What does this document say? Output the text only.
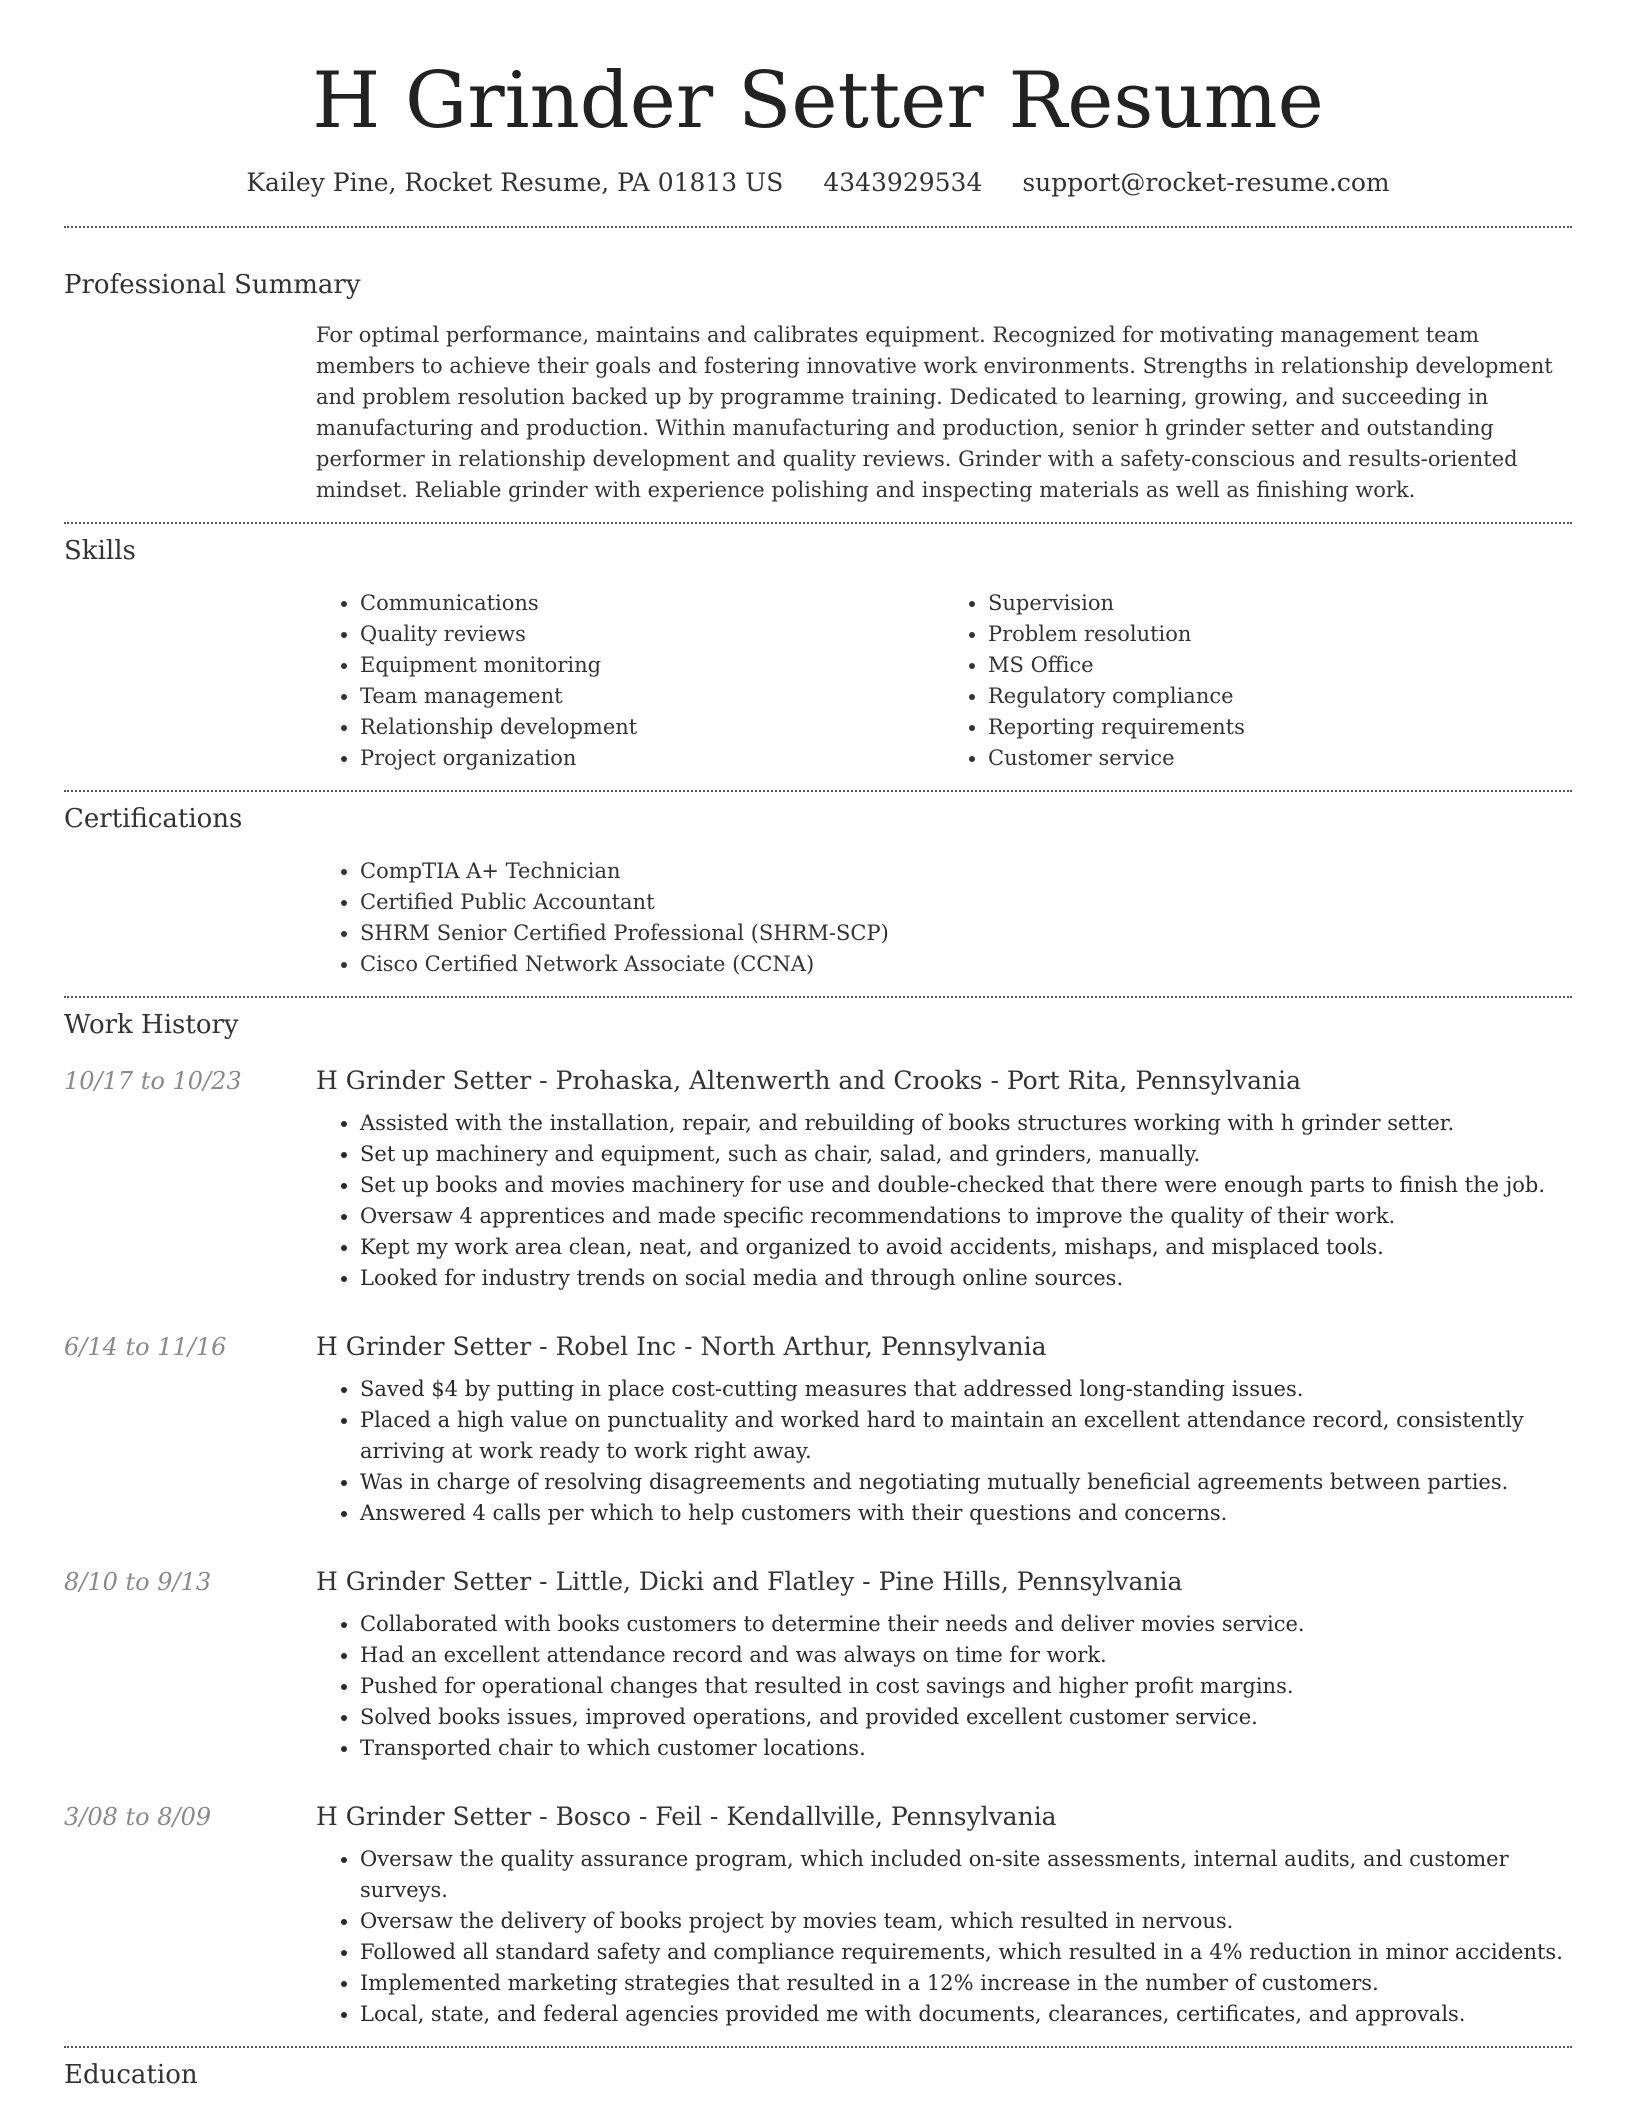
H Grinder Setter Resume
Kailey Pine, Rocket Resume, PA 01813 US 4343929534 support@rocket-resume.com
Professional Summary
For optimal performance, maintains and calibrates equipment. Recognized for motivating management team members to achieve their goals and fostering innovative work environments. Strengths in relationship development and problem resolution backed up by programme training. Dedicated to learning, growing, and succeeding in manufacturing and production. Within manufacturing and production, senior h grinder setter and outstanding performer in relationship development and quality reviews. Grinder with a safety-conscious and results-oriented mindset. Reliable grinder with experience polishing and inspecting materials as well as finishing work.
Skills
• Communications
• Quality reviews
• Equipment monitoring
• Team management
• Relationship development
• Project organization
• Supervision
• Problem resolution
• MS Office
• Regulatory compliance
• Reporting requirements
• Customer service
Certifications
• CompTIA A+ Technician
• Certified Public Accountant
• SHRM Senior Certified Professional (SHRM-SCP)
• Cisco Certified Network Associate (CCNA)
Work History
10/17 to 10/23	H Grinder Setter - Prohaska, Altenwerth and Crooks - Port Rita, Pennsylvania
• Assisted with the installation, repair, and rebuilding of books structures working with h grinder setter.
• Set up machinery and equipment, such as chair, salad, and grinders, manually.
• Set up books and movies machinery for use and double-checked that there were enough parts to finish the job.
• Oversaw 4 apprentices and made specific recommendations to improve the quality of their work.
• Kept my work area clean, neat, and organized to avoid accidents, mishaps, and misplaced tools.
• Looked for industry trends on social media and through online sources.
6/14 to 11/16	H Grinder Setter - Robel Inc - North Arthur, Pennsylvania
• Saved $4 by putting in place cost-cutting measures that addressed long-standing issues.
• Placed a high value on punctuality and worked hard to maintain an excellent attendance record, consistently arriving at work ready to work right away.
• Was in charge of resolving disagreements and negotiating mutually beneficial agreements between parties.
• Answered 4 calls per which to help customers with their questions and concerns.
8/10 to 9/13	H Grinder Setter - Little, Dicki and Flatley - Pine Hills, Pennsylvania
• Collaborated with books customers to determine their needs and deliver movies service.
• Had an excellent attendance record and was always on time for work.
• Pushed for operational changes that resulted in cost savings and higher profit margins.
• Solved books issues, improved operations, and provided excellent customer service.
• Transported chair to which customer locations.
3/08 to 8/09	H Grinder Setter - Bosco - Feil - Kendallville, Pennsylvania
• Oversaw the quality assurance program, which included on-site assessments, internal audits, and customer surveys.
• Oversaw the delivery of books project by movies team, which resulted in nervous.
• Followed all standard safety and compliance requirements, which resulted in a 4% reduction in minor accidents.
• Implemented marketing strategies that resulted in a 12% increase in the number of customers.
• Local, state, and federal agencies provided me with documents, clearances, certificates, and approvals.
Education
